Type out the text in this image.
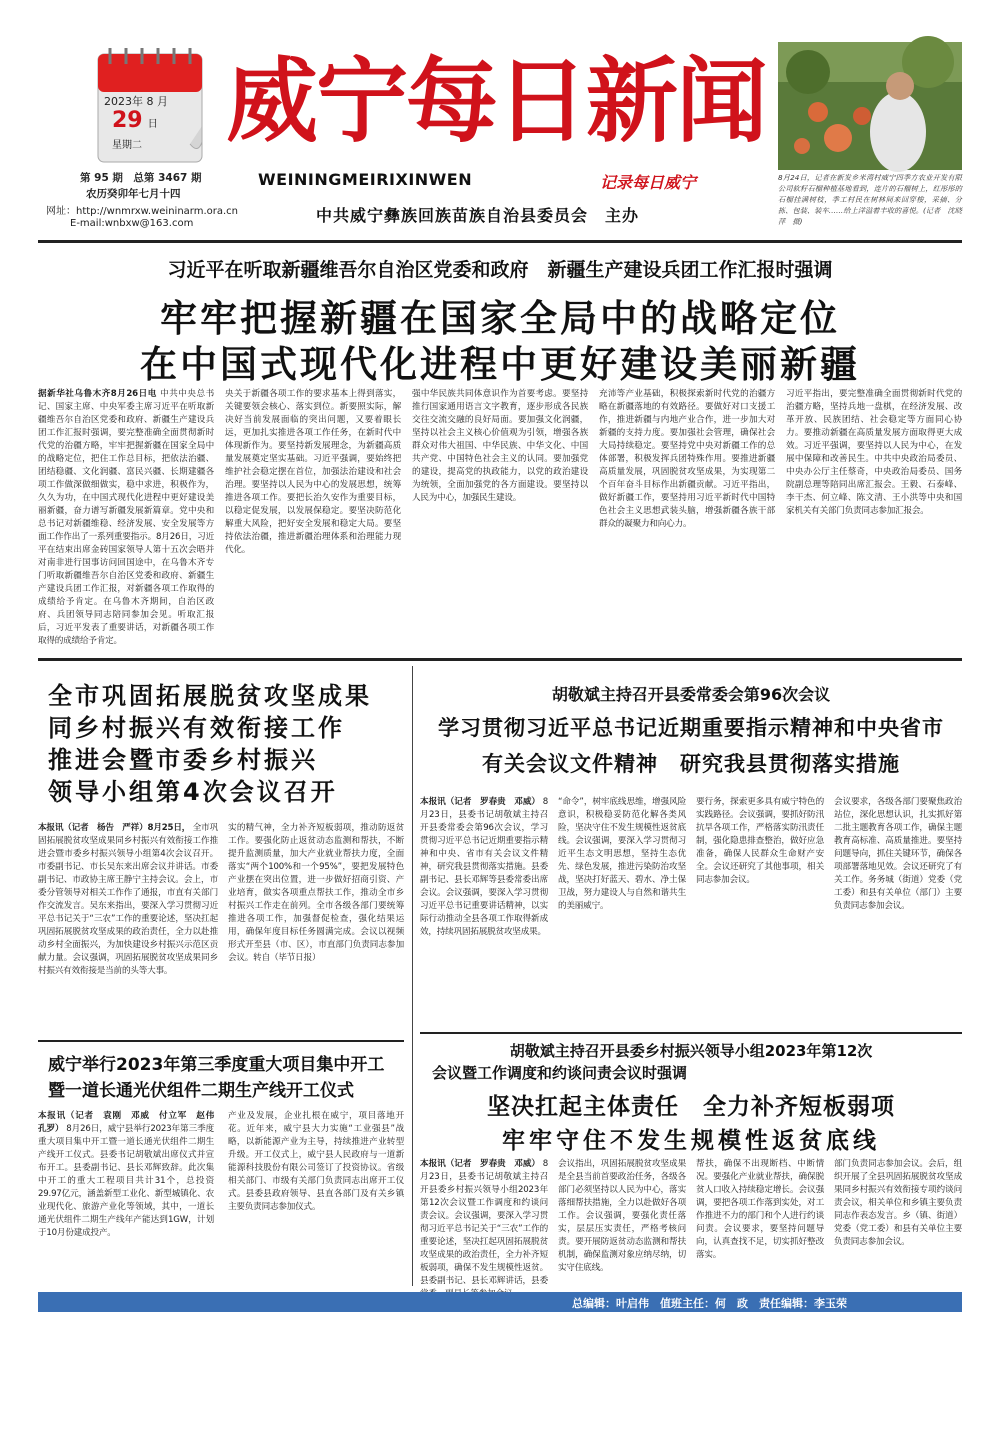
2023年 8 月
29 日
星期二
第 95 期　总第 3467 期
农历癸卯年七月十四
网址：http://wnmrxw.weininarm.ora.cn
E-mail:wnbxw@163.com
威宁每日新闻
WEININGMEIRIXINWEN	记录每日威宁
中共威宁彝族回族苗族自治县委员会　主办
8月24日，记者在新发乡米湾村威宁四季方农业开发有限公司软籽石榴种植基地看到，连片的石榴树上，红彤彤的石榴挂满树枝，季工村民在树林间来回穿梭，采摘、分拣、包装、装车……给上洋溢着丰收的喜悦。(记者　沈晓萍　摄)
习近平在听取新疆维吾尔自治区党委和政府　新疆生产建设兵团工作汇报时强调
牢牢把握新疆在国家全局中的战略定位
在中国式现代化进程中更好建设美丽新疆
据新华社乌鲁木齐8月26日电 中共中央总书记、国家主席、中央军委主席习近平在听取新疆维吾尔自治区党委和政府、新疆生产建设兵团工作汇报时强调，要完整准确全面贯彻新时代党的治疆方略，牢牢把握新疆在国家全局中的战略定位，把住工作总目标，把依法治疆、团结稳疆、文化润疆、富民兴疆、长期建疆各项工作做深做细做实，稳中求进，积极作为，久久为功，在中国式现代化进程中更好建设美丽新疆，奋力谱写新疆发展新篇章。党中央和总书记对新疆维稳、经济发展、安全发展等方面工作作出了一系列重要指示。8月26日，习近平在结束出席金砖国家领导人第十五次会晤并对南非进行国事访问回国途中，在乌鲁木齐专门听取新疆维吾尔自治区党委和政府、新疆生产建设兵团工作汇报，对新疆各项工作取得的成绩给予肯定。在乌鲁木齐期间，自治区政府、兵团领导同志陪同参加会见。听取汇报后，习近平发表了重要讲话，对新疆各项工作取得的成绩给予肯定。
央关于新疆各项工作的要求基本上得到落实，关键要领会核心、落实到位。新要照实际，解决好当前发展面临的突出问题，又要着眼长远，更加扎实推进各项工作任务，在新时代中体现新作为。要坚持新发展理念，为新疆高质量发展奠定坚实基础。习近平强调，要始终把维护社会稳定摆在首位，加强法治建设和社会治理。要坚持以人民为中心的发展思想，统筹推进各项工作。要把长治久安作为重要目标，以稳定促发展，以发展保稳定。要坚决防范化解重大风险，把好安全发展和稳定大局。要坚持依法治疆，推进新疆治理体系和治理能力现代化。
强中华民族共同体意识作为首要考虑。要坚持推行国家通用语言文字教育，逐步形成各民族交往交流交融的良好局面。要加强文化润疆，坚持以社会主义核心价值观为引领，增强各族群众对伟大祖国、中华民族、中华文化、中国共产党、中国特色社会主义的认同。要加强党的建设，提高党的执政能力，以党的政治建设为统领，全面加强党的各方面建设。要坚持以人民为中心，加强民生建设。
充沛等产业基础，积极探索新时代党的治疆方略在新疆落地的有效路径。要做好对口支援工作，推进新疆与内地产业合作，进一步加大对新疆的支持力度。要加强社会管理，确保社会大局持续稳定。要坚持党中央对新疆工作的总体部署，积极发挥兵团特殊作用。要推进新疆高质量发展，巩固脱贫攻坚成果，为实现第二个百年奋斗目标作出新疆贡献。习近平指出，做好新疆工作，要坚持用习近平新时代中国特色社会主义思想武装头脑，增强新疆各族干部群众的凝聚力和向心力。
习近平指出，要完整准确全面贯彻新时代党的治疆方略，坚持兵地一盘棋，在经济发展、改革开放、民族团结、社会稳定等方面同心协力。要推动新疆在高质量发展方面取得更大成效。习近平强调，要坚持以人民为中心，在发展中保障和改善民生。中共中央政治局委员、中央办公厅主任蔡奇，中央政治局委员、国务院副总理等陪同出席汇报会。王毅、石泰峰、李干杰、何立峰、陈文清、王小洪等中央和国家机关有关部门负责同志参加汇报会。
全市巩固拓展脱贫攻坚成果
同乡村振兴有效衔接工作
推进会暨市委乡村振兴
领导小组第4次会议召开
本报讯（记者　杨告　严祥）8月25日， 全市巩固拓展脱贫攻坚成果同乡村振兴有效衔接工作推进会暨市委乡村振兴领导小组第4次会议召开。市委副书记、市长吴东来出席会议并讲话。市委副书记、市政协主席王静宁主持会议。会上，市委分管领导对相关工作作了通报，市直有关部门作交流发言。吴东来指出，要深入学习贯彻习近平总书记关于“三农”工作的重要论述，坚决扛起巩固拓展脱贫攻坚成果的政治责任，全力以赴推动乡村全面振兴，为加快建设乡村振兴示范区贡献力量。会议强调，巩固拓展脱贫攻坚成果同乡村振兴有效衔接是当前的头等大事。
实的精气神，全力补齐短板弱项，推动防返贫工作。要强化防止返贫动态监测和帮扶，不断提升监测质量，加大产业就业帮扶力度，全面落实“两个100%和一个95%”，要把发展特色产业摆在突出位置，进一步做好招商引资、产业培育，做实各项重点帮扶工作，推动全市乡村振兴工作走在前列。全市各级各部门要统筹推进各项工作，加强督促检查，强化结果运用，确保年度目标任务圆满完成。会议以视频形式开至县（市、区），市直部门负责同志参加会议。转自（毕节日报）
威宁举行2023年第三季度重大项目集中开工
暨一道长通光伏组件二期生产线开工仪式
本报讯（记者　袁刚　邓威　付立军　赵伟　孔罗） 8月26日，威宁县举行2023年第三季度重大项目集中开工暨一道长通光伏组件二期生产线开工仪式。县委书记胡敬斌出席仪式并宣布开工。县委副书记、县长邓辉致辞。此次集中开工的重大工程项目共计31个，总投资29.97亿元，涵盖新型工业化、新型城镇化、农业现代化、旅游产业化等领域，其中，一道长通光伏组件二期生产线年产能达到1GW，计划于10月份建成投产。
产业及发展，企业扎根在威宁，项目落地开花。近年来，威宁县大力实施“工业强县”战略，以新能源产业为主导，持续推进产业转型升级。开工仪式上，威宁县人民政府与一道新能源科技股份有限公司签订了投资协议。省级相关部门、市级有关部门负责同志出席开工仪式。县委县政府领导、县直各部门及有关乡镇主要负责同志参加仪式。
胡敬斌主持召开县委常委会第96次会议
学习贯彻习近平总书记近期重要指示精神和中央省市
有关会议文件精神　研究我县贯彻落实措施
本报讯（记者　罗春贵　邓威） 8月23日，县委书记胡敬斌主持召开县委常委会第96次会议，学习贯彻习近平总书记近期重要指示精神和中央、省市有关会议文件精神，研究我县贯彻落实措施。县委副书记、县长邓辉等县委常委出席会议。会议强调，要深入学习贯彻习近平总书记重要讲话精神，以实际行动推动全县各项工作取得新成效，持续巩固拓展脱贫攻坚成果。
“命令”，树牢底线思维，增强风险意识，积极稳妥防范化解各类风险，坚决守住不发生规模性返贫底线。会议强调，要深入学习贯彻习近平生态文明思想，坚持生态优先、绿色发展，推进污染防治攻坚战，坚决打好蓝天、碧水、净土保卫战，努力建设人与自然和谐共生的美丽威宁。
要行务，探索更多具有威宁特色的实践路径。会议强调，要抓好防汛抗旱各项工作，严格落实防汛责任制，强化隐患排查整治，做好应急准备，确保人民群众生命财产安全。会议还研究了其他事项，相关同志参加会议。
会议要求，各级各部门要聚焦政治站位，深化思想认识，扎实抓好第二批主题教育各项工作，确保主题教育高标准、高质量推进。要坚持问题导向，抓住关键环节，确保各项部署落地见效。会议还研究了有关工作。务务城（街道）党委（党工委）和县有关单位（部门）主要负责同志参加会议。
胡敬斌主持召开县委乡村振兴领导小组2023年第12次
会议暨工作调度和约谈问责会议时强调
坚决扛起主体责任　全力补齐短板弱项
牢牢守住不发生规模性返贫底线
本报讯（记者　罗春贵　邓威） 8月23日，县委书记胡敬斌主持召开县委乡村振兴领导小组2023年第12次会议暨工作调度和约谈问责会议。会议强调，要深入学习贯彻习近平总书记关于“三农”工作的重要论述，坚决扛起巩固拓展脱贫攻坚成果的政治责任，全力补齐短板弱项，确保不发生规模性返贫。县委副书记、县长邓辉讲话，县委
会议指出，巩固拓展脱贫攻坚成果是全县当前首要政治任务，各级各部门必须坚持以人民为中心，落实落细帮扶措施，全力以赴做好各项工作。会议强调，要强化责任落实，层层压实责任，严格考核问责。要开展防返贫动态监测和帮扶机制，确保监测对象应纳尽纳，切实守住底线。
帮扶，确保不出现断档、中断情况。要强化产业就业帮扶，确保脱贫人口收入持续稳定增长。会议强调，要把各项工作落到实处，对工作推进不力的部门和个人进行约谈问责。会议要求，要坚持问题导向，认真查找不足，切实抓好整改落实。
部门负责同志参加会议。会后，组织开展了全县巩固拓展脱贫攻坚成果同乡村振兴有效衔接专项约谈问责会议，相关单位和乡镇主要负责同志作表态发言。乡（镇、街道）党委（党工委）和县有关单位主要负责同志参加会议。
总编辑：叶启伟　值班主任：何　政　责任编辑：李玉荣
